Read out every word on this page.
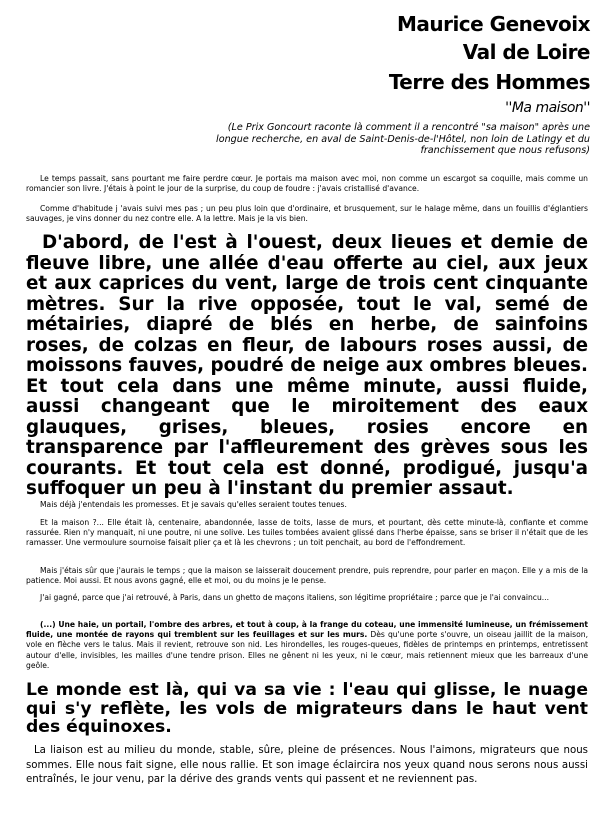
Maurice Genevoix
Val de Loire
Terre des Hommes
''Ma maison''
(Le Prix Goncourt raconte là comment il a rencontré "sa maison" après une longue recherche, en aval de Saint-Denis-de-l'Hôtel, non loin de Latingy et du franchissement que nous refusons)

Le temps passait, sans pourtant me faire perdre cœur. Je portais ma maison avec moi, non comme un escargot sa coquille, mais comme un romancier son livre. J'étais à point le jour de la surprise, du coup de foudre : j'avais cristallisé d'avance.

Comme d'habitude j 'avais suivi mes pas ; un peu plus loin que d'ordinaire, et brusquement, sur le halage même, dans un fouillis d'églantiers sauvages, je vins donner du nez contre elle. A la lettre. Mais je la vis bien.

D'abord, de l'est à l'ouest, deux lieues et demie de fleuve libre, une allée d'eau offerte au ciel, aux jeux et aux caprices du vent, large de trois cent cinquante mètres. Sur la rive opposée, tout le val, semé de métairies, diapré de blés en herbe, de sainfoins roses, de colzas en fleur, de labours roses aussi, de moissons fauves, poudré de neige aux ombres bleues. Et tout cela dans une même minute, aussi fluide, aussi changeant que le miroitement des eaux glauques, grises, bleues, rosies encore en transparence par l'affleurement des grèves sous les courants. Et tout cela est donné, prodigué, jusqu'a suffoquer un peu à l'instant du premier assaut.

Mais déjà j'entendais les promesses. Et je savais qu'elles seraient toutes tenues.

Et la maison ?... Elle était là, centenaire, abandonnée, lasse de toits, lasse de murs, et pourtant, dès cette minute-là, confiante et comme rassurée. Rien n'y manquait, ni une poutre, ni une solive. Les tuiles tombées avaient glissé dans l'herbe épaisse, sans se briser il n'était que de les ramasser. Une vermoulure sournoise faisait plier ça et là les chevrons ; un toit penchait, au bord de l'effondrement.

Mais j'étais sûr que j'aurais le temps ; que la maison se laisserait doucement prendre, puis reprendre, pour parler en maçon. Elle y a mis de la patience. Moi aussi. Et nous avons gagné, elle et moi, ou du moins je le pense.

J'ai gagné, parce que j'ai retrouvé, à Paris, dans un ghetto de maçons italiens, son légitime propriétaire ; parce que je l'ai convaincu...

(...) Une haie, un portail, l'ombre des arbres, et tout à coup, à la frange du coteau, une immensité lumineuse, un frémissement fluide, une montée de rayons qui tremblent sur les feuillages et sur les murs. Dès qu'une porte s'ouvre, un oiseau jaillit de la maison, vole en flèche vers le talus. Mais il revient, retrouve son nid. Les hirondelles, les rouges-queues, fidèles de printemps en printemps, entretissent autour d'elle, invisibles, les mailles d'une tendre prison. Elles ne gênent ni les yeux, ni le cœur, mais retiennent mieux que les barreaux d'une geôle.

Le monde est là, qui va sa vie : l'eau qui glisse, le nuage qui s'y reflète, les vols de migrateurs dans le haut vent des équinoxes.

La liaison est au milieu du monde, stable, sûre, pleine de présences. Nous l'aimons, migrateurs que nous sommes. Elle nous fait signe, elle nous rallie. Et son image éclaircira nos yeux quand nous serons nous aussi entraînés, le jour venu, par la dérive des grands vents qui passent et ne reviennent pas.
